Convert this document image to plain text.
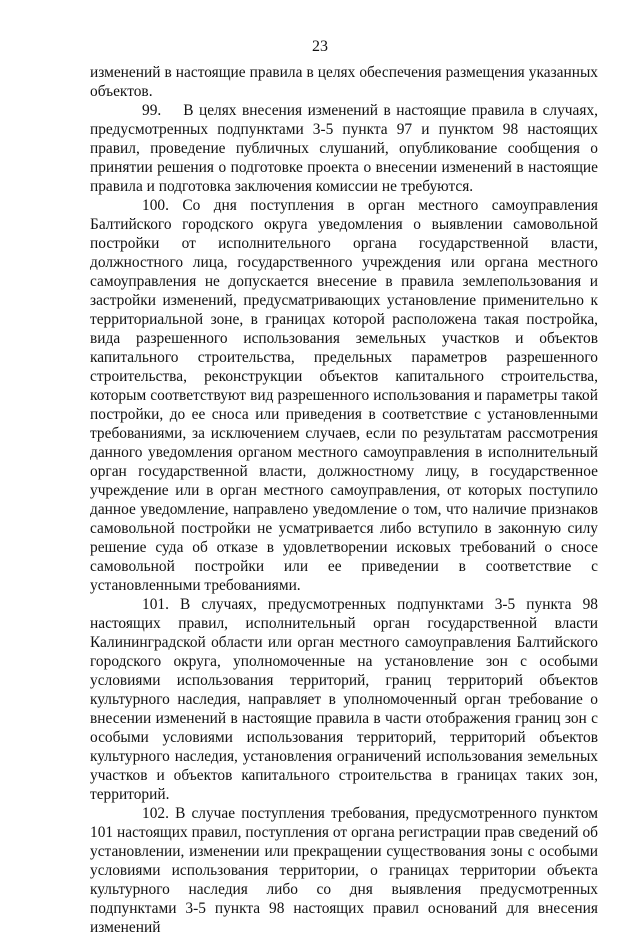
23

изменений в настоящие правила в целях обеспечения размещения указанных объектов.

99.    В целях внесения изменений в настоящие правила в случаях, предусмотренных подпунктами 3-5 пункта 97 и пунктом 98 настоящих правил, проведение публичных слушаний, опубликование сообщения о принятии решения о подготовке проекта о внесении изменений в настоящие правила и подготовка заключения комиссии не требуются.

100. Со дня поступления в орган местного самоуправления Балтийского городского округа уведомления о выявлении самовольной постройки от исполнительного органа государственной власти, должностного лица, государственного учреждения или органа местного самоуправления не допускается внесение в правила землепользования и застройки изменений, предусматривающих установление применительно к территориальной зоне, в границах которой расположена такая постройка, вида разрешенного использования земельных участков и объектов капитального строительства, предельных параметров разрешенного строительства, реконструкции объектов капитального строительства, которым соответствуют вид разрешенного использования и параметры такой постройки, до ее сноса или приведения в соответствие с установленными требованиями, за исключением случаев, если по результатам рассмотрения данного уведомления органом местного самоуправления в исполнительный орган государственной власти, должностному лицу, в государственное учреждение или в орган местного самоуправления, от которых поступило данное уведомление, направлено уведомление о том, что наличие признаков самовольной постройки не усматривается либо вступило в законную силу решение суда об отказе в удовлетворении исковых требований о сносе самовольной постройки или ее приведении в соответствие с установленными требованиями.

101. В случаях, предусмотренных подпунктами 3-5 пункта 98 настоящих правил, исполнительный орган государственной власти Калининградской области или орган местного самоуправления Балтийского городского округа, уполномоченные на установление зон с особыми условиями использования территорий, границ территорий объектов культурного наследия, направляет в уполномоченный орган требование о внесении изменений в настоящие правила в части отображения границ зон с особыми условиями использования территорий, территорий объектов культурного наследия, установления ограничений использования земельных участков и объектов капитального строительства в границах таких зон, территорий.

102. В случае поступления требования, предусмотренного пунктом 101 настоящих правил, поступления от органа регистрации прав сведений об установлении, изменении или прекращении существования зоны с особыми условиями использования территории, о границах территории объекта культурного наследия либо со дня выявления предусмотренных подпунктами 3-5 пункта 98 настоящих правил оснований для внесения изменений
